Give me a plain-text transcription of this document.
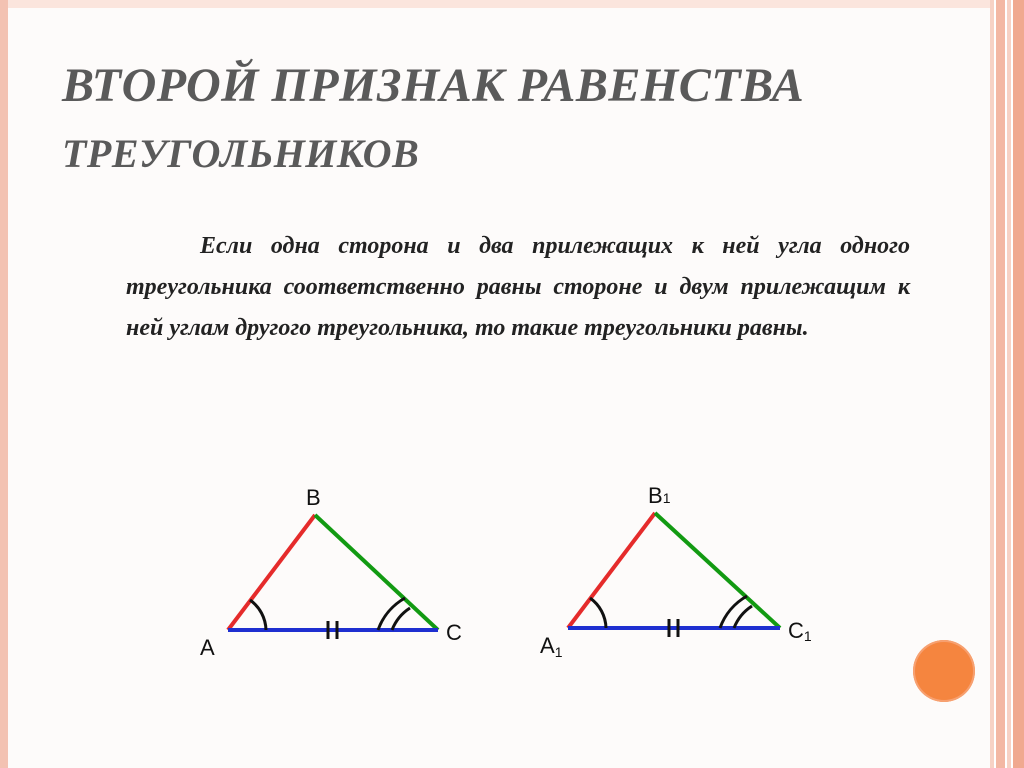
ВТОРОЙ ПРИЗНАК РАВЕНСТВА
ТРЕУГОЛЬНИКОВ

Если одна сторона и два прилежащих к ней угла одного треугольника соответственно равны стороне и двум прилежащим к ней углам другого треугольника, то такие треугольники равны.

B
A
C
B1
A1
C1
